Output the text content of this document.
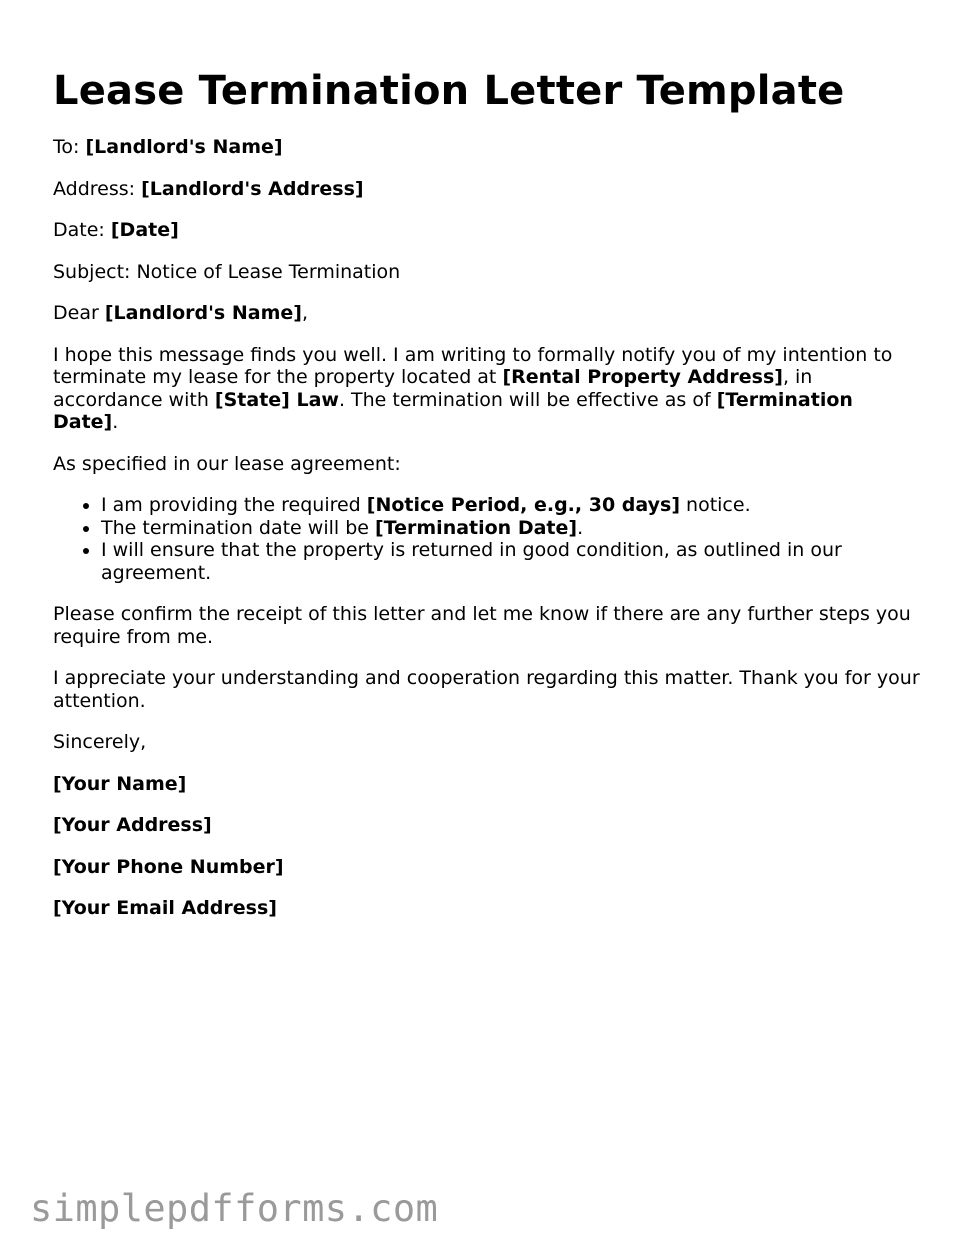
Lease Termination Letter Template

To: [Landlord's Name]

Address: [Landlord's Address]

Date: [Date]

Subject: Notice of Lease Termination

Dear [Landlord's Name],

I hope this message finds you well. I am writing to formally notify you of my intention to terminate my lease for the property located at [Rental Property Address], in accordance with [State] Law. The termination will be effective as of [Termination Date].

As specified in our lease agreement:

• I am providing the required [Notice Period, e.g., 30 days] notice.
• The termination date will be [Termination Date].
• I will ensure that the property is returned in good condition, as outlined in our agreement.

Please confirm the receipt of this letter and let me know if there are any further steps you require from me.

I appreciate your understanding and cooperation regarding this matter. Thank you for your attention.

Sincerely,

[Your Name]

[Your Address]

[Your Phone Number]

[Your Email Address]

simplepdfforms.com
